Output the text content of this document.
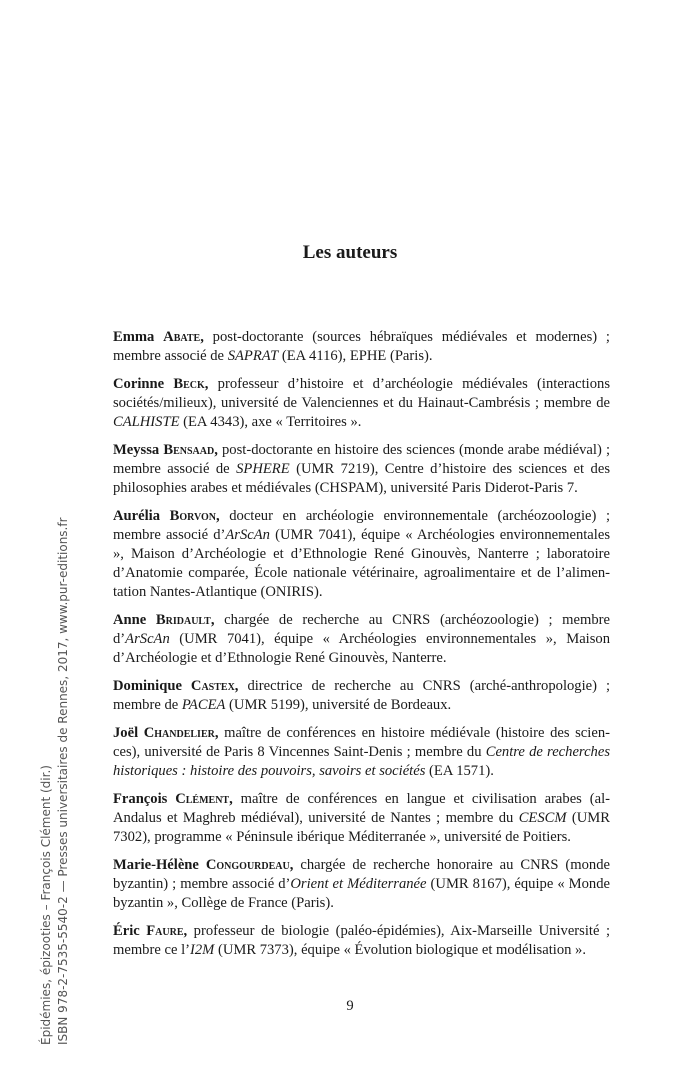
Les auteurs

Emma Abate, post-doctorante (sources hébraïques médiévales et modernes) ; membre associé de SAPRAT (EA 4116), EPHE (Paris).

Corinne Beck, professeur d’histoire et d’archéologie médiévales (interactions sociétés/milieux), université de Valenciennes et du Hainaut-Cambrésis ; membre de CALHISTE (EA 4343), axe « Territoires ».

Meyssa Bensaad, post-doctorante en histoire des sciences (monde arabe médiéval) ; membre associé de SPHERE (UMR 7219), Centre d’histoire des sciences et des philosophies arabes et médiévales (CHSPAM), université Paris Diderot-Paris 7.

Aurélia Borvon, docteur en archéologie environnementale (archéozoologie) ; membre associé d’ArScAn (UMR 7041), équipe « Archéologies environnementales », Maison d’Archéologie et d’Ethnologie René Ginouvès, Nanterre ; laboratoire d’Anatomie comparée, École nationale vétérinaire, agroalimentaire et de l’alimentation Nantes-Atlantique (ONIRIS).

Anne Bridault, chargée de recherche au CNRS (archéozoologie) ; membre d’ArScAn (UMR 7041), équipe « Archéologies environnementales », Maison d’Archéologie et d’Ethnologie René Ginouvès, Nanterre.

Dominique Castex, directrice de recherche au CNRS (arché-anthropologie) ; membre de PACEA (UMR 5199), université de Bordeaux.

Joël Chandelier, maître de conférences en histoire médiévale (histoire des sciences), université de Paris 8 Vincennes Saint-Denis ; membre du Centre de recherches historiques : histoire des pouvoirs, savoirs et sociétés (EA 1571).

François Clément, maître de conférences en langue et civilisation arabes (al-Andalus et Maghreb médiéval), université de Nantes ; membre du CESCM (UMR 7302), programme « Péninsule ibérique Méditerranée », université de Poitiers.

Marie-Hélène Congourdeau, chargée de recherche honoraire au CNRS (monde byzantin) ; membre associé d’Orient et Méditerranée (UMR 8167), équipe « Monde byzantin », Collège de France (Paris).

Éric Faure, professeur de biologie (paléo-épidémies), Aix-Marseille Université ; membre ce l’I2M (UMR 7373), équipe « Évolution biologique et modélisation ».

9
Épidémies, épizooties – François Clément (dir.) ISBN 978-2-7535-5540-2 — Presses universitaires de Rennes, 2017, www.pur-editions.fr
